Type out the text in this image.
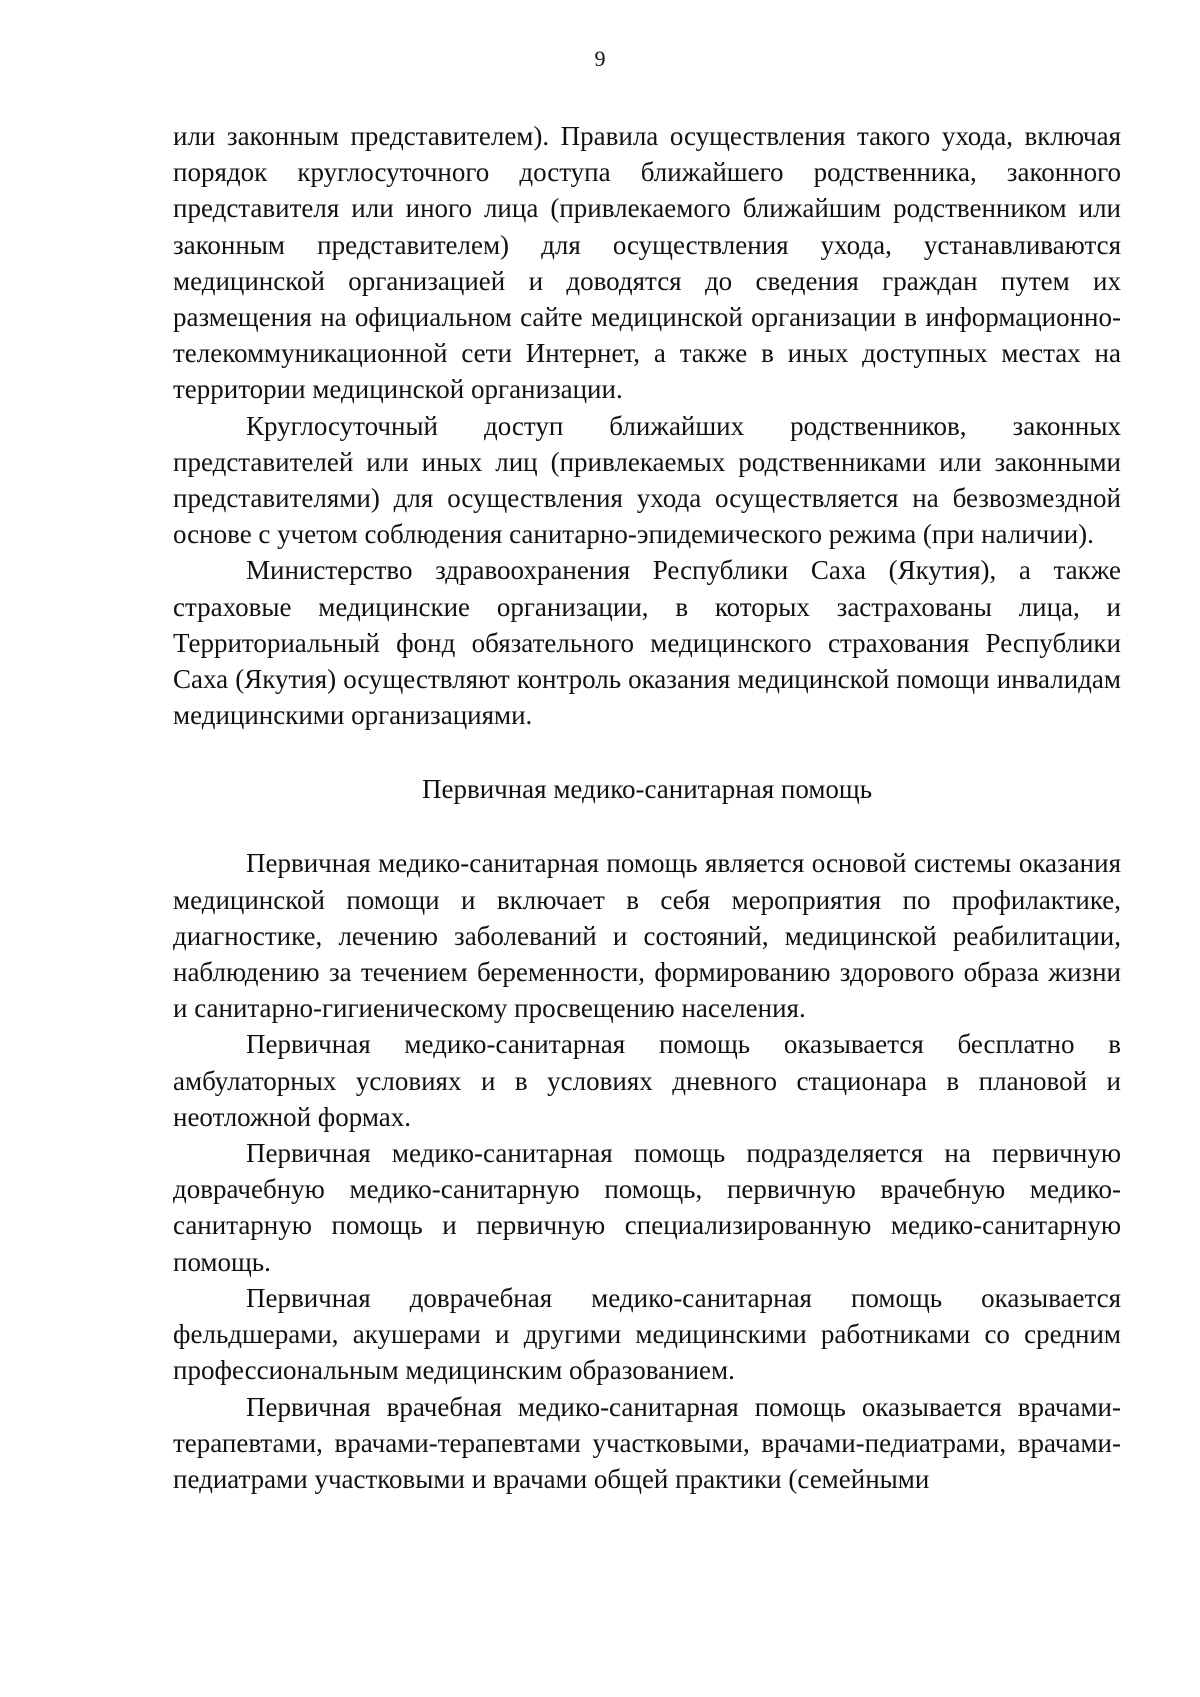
9

или законным представителем). Правила осуществления такого ухода, включая порядок круглосуточного доступа ближайшего родственника, законного представителя или иного лица (привлекаемого ближайшим родственником или законным представителем) для осуществления ухода, устанавливаются медицинской организацией и доводятся до сведения граждан путем их размещения на официальном сайте медицинской организации в информационно-телекоммуникационной сети Интернет, а также в иных доступных местах на территории медицинской организации.

Круглосуточный доступ ближайших родственников, законных представителей или иных лиц (привлекаемых родственниками или законными представителями) для осуществления ухода осуществляется на безвозмездной основе с учетом соблюдения санитарно-эпидемического режима (при наличии).

Министерство здравоохранения Республики Саха (Якутия), а также страховые медицинские организации, в которых застрахованы лица, и Территориальный фонд обязательного медицинского страхования Республики Саха (Якутия) осуществляют контроль оказания медицинской помощи инвалидам медицинскими организациями.

Первичная медико-санитарная помощь

Первичная медико-санитарная помощь является основой системы оказания медицинской помощи и включает в себя мероприятия по профилактике, диагностике, лечению заболеваний и состояний, медицинской реабилитации, наблюдению за течением беременности, формированию здорового образа жизни и санитарно-гигиеническому просвещению населения.

Первичная медико-санитарная помощь оказывается бесплатно в амбулаторных условиях и в условиях дневного стационара в плановой и неотложной формах.

Первичная медико-санитарная помощь подразделяется на первичную доврачебную медико-санитарную помощь, первичную врачебную медико-санитарную помощь и первичную специализированную медико-санитарную помощь.

Первичная доврачебная медико-санитарная помощь оказывается фельдшерами, акушерами и другими медицинскими работниками со средним профессиональным медицинским образованием.

Первичная врачебная медико-санитарная помощь оказывается врачами-терапевтами, врачами-терапевтами участковыми, врачами-педиатрами, врачами-педиатрами участковыми и врачами общей практики (семейными
